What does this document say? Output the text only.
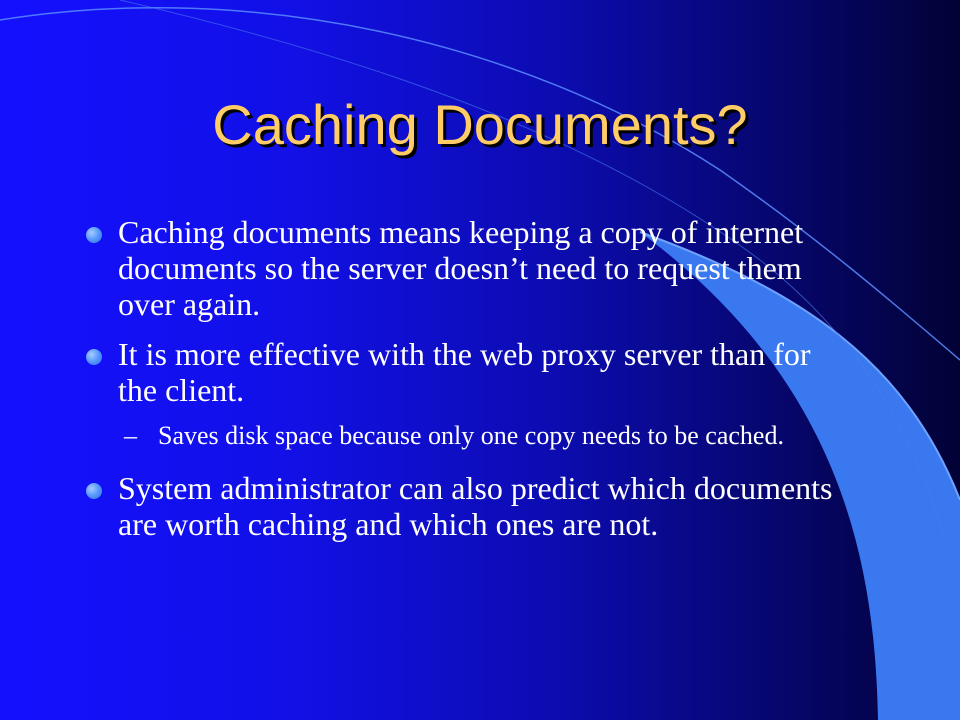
Caching Documents?
Caching documents means keeping a copy of internet documents so the server doesn’t need to request them over again.
It is more effective with the web proxy server than for the client.
– Saves disk space because only one copy needs to be cached.
System administrator can also predict which documents are worth caching and which ones are not.
